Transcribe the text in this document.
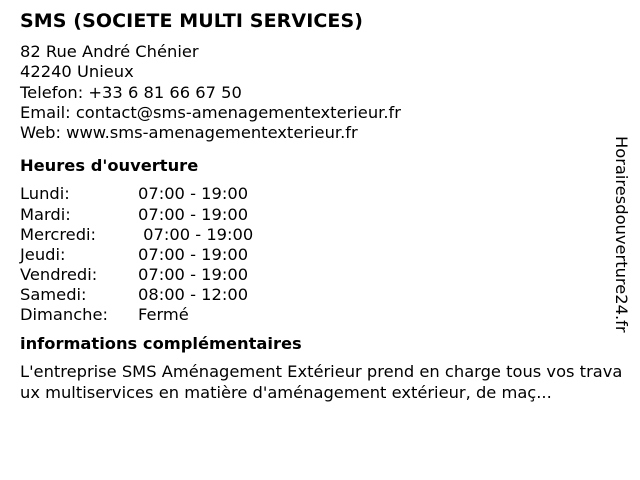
SMS (SOCIETE MULTI SERVICES)
82 Rue André Chénier
42240 Unieux
Telefon: +33 6 81 66 67 50
Email: contact@sms-amenagementexterieur.fr
Web: www.sms-amenagementexterieur.fr
Heures d'ouverture
Lundi:	07:00 - 19:00
Mardi:	07:00 - 19:00
Mercredi:	07:00 - 19:00
Jeudi:	07:00 - 19:00
Vendredi:	07:00 - 19:00
Samedi:	08:00 - 12:00
Dimanche:	Fermé
informations complémentaires
L'entreprise SMS Aménagement Extérieur prend en charge tous vos travaux multiservices en matière d'aménagement extérieur, de maç...
Horairesdouverture24.fr
